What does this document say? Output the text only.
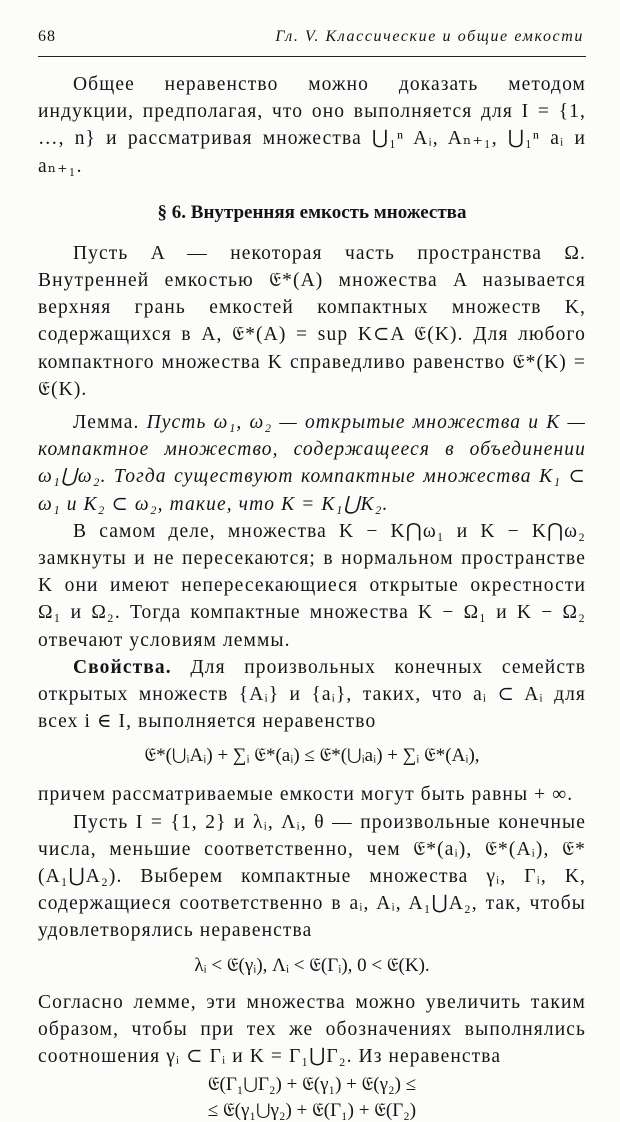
68	Гл. V. Классические и общие емкости

Общее неравенство можно доказать методом индукции, предполагая, что оно выполняется для I = {1, …, n} и рассматривая множества ⋃₁ⁿ Aᵢ, Aₙ₊₁, ⋃₁ⁿ aᵢ и aₙ₊₁.

§ 6. Внутренняя емкость множества

Пусть A — некоторая часть пространства Ω. Внутренней емкостью 𝔈*(A) множества A называется верхняя грань емкостей компактных множеств K, содержащихся в A, 𝔈*(A) = sup K⊂A 𝔈(K). Для любого компактного множества K справедливо равенство 𝔈*(K) = 𝔈(K).

Лемма. Пусть ω₁, ω₂ — открытые множества и K — компактное множество, содержащееся в объединении ω₁⋃ω₂. Тогда существуют компактные множества K₁ ⊂ ω₁ и K₂ ⊂ ω₂, такие, что K = K₁⋃K₂.

В самом деле, множества K − K⋂ω₁ и K − K⋂ω₂ замкнуты и не пересекаются; в нормальном пространстве K они имеют непересекающиеся открытые окрестности Ω₁ и Ω₂. Тогда компактные множества K − Ω₁ и K − Ω₂ отвечают условиям леммы.

Свойства. Для произвольных конечных семейств открытых множеств {Aᵢ} и {aᵢ}, таких, что aᵢ ⊂ Aᵢ для всех i ∈ I, выполняется неравенство

𝔈*(⋃ᵢAᵢ) + ∑ᵢ 𝔈*(aᵢ) ≤ 𝔈*(⋃ᵢaᵢ) + ∑ᵢ 𝔈*(Aᵢ),

причем рассматриваемые емкости могут быть равны + ∞.

Пусть I = {1, 2} и λᵢ, Λᵢ, θ — произвольные конечные числа, меньшие соответственно, чем 𝔈*(aᵢ), 𝔈*(Aᵢ), 𝔈*(A₁⋃A₂). Выберем компактные множества γᵢ, Γᵢ, K, содержащиеся соответственно в aᵢ, Aᵢ, A₁⋃A₂, так, чтобы удовлетворялись неравенства

λᵢ < 𝔈(γᵢ), Λᵢ < 𝔈(Γᵢ), 0 < 𝔈(K).

Согласно лемме, эти множества можно увеличить таким образом, чтобы при тех же обозначениях выполнялись соотношения γᵢ ⊂ Γᵢ и K = Γ₁⋃Γ₂. Из неравенства

𝔈(Γ₁⋃Γ₂) + 𝔈(γ₁) + 𝔈(γ₂) ≤
≤ 𝔈(γ₁⋃γ₂) + 𝔈(Γ₁) + 𝔈(Γ₂)
